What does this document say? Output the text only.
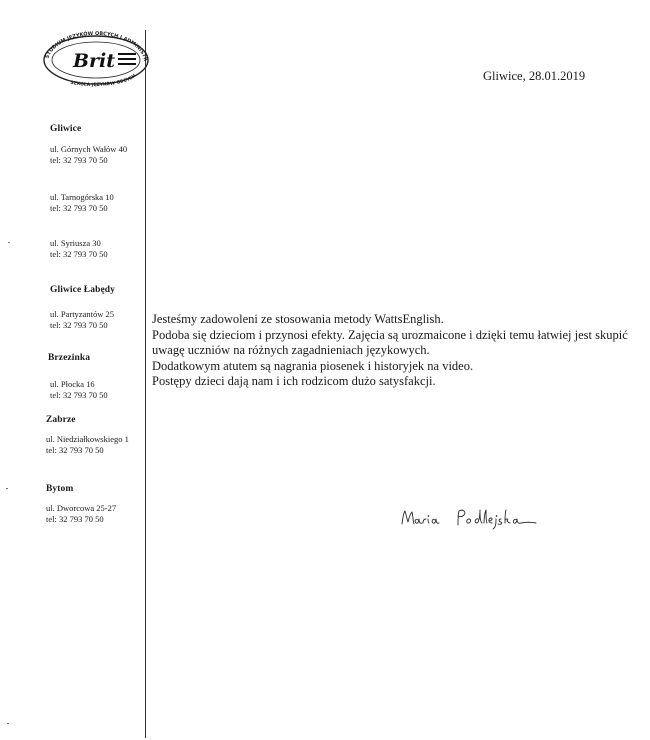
STUDIUM JĘZYKÓW OBCYCH I ADMINISTR
SZKOŁA JĘZYKÓW OBCYCH
Brit
Gliwice
ul. Górnych Wałów 40
tel: 32 793 70 50
ul. Tarnogórska 10
tel: 32 793 70 50
ul. Syriusza 30
tel: 32 793 70 50
Gliwice Łabędy
ul. Partyzantów 25
tel: 32 793 70 50
Brzezinka
ul. Płocka 16
tel: 32 793 70 50
Zabrze
ul. Niedziałkowskiego 1
tel: 32 793 70 50
Bytom
ul. Dworcowa 25-27
tel: 32 793 70 50
Gliwice, 28.01.2019

Jesteśmy zadowoleni ze stosowania metody WattsEnglish.

Podoba się dzieciom i przynosi efekty. Zajęcia są urozmaicone i dzięki temu łatwiej jest skupić uwagę uczniów na różnych zagadnieniach językowych.

Dodatkowym atutem są nagrania piosenek i historyjek na video.

Postępy dzieci dają nam i ich rodzicom dużo satysfakcji.
